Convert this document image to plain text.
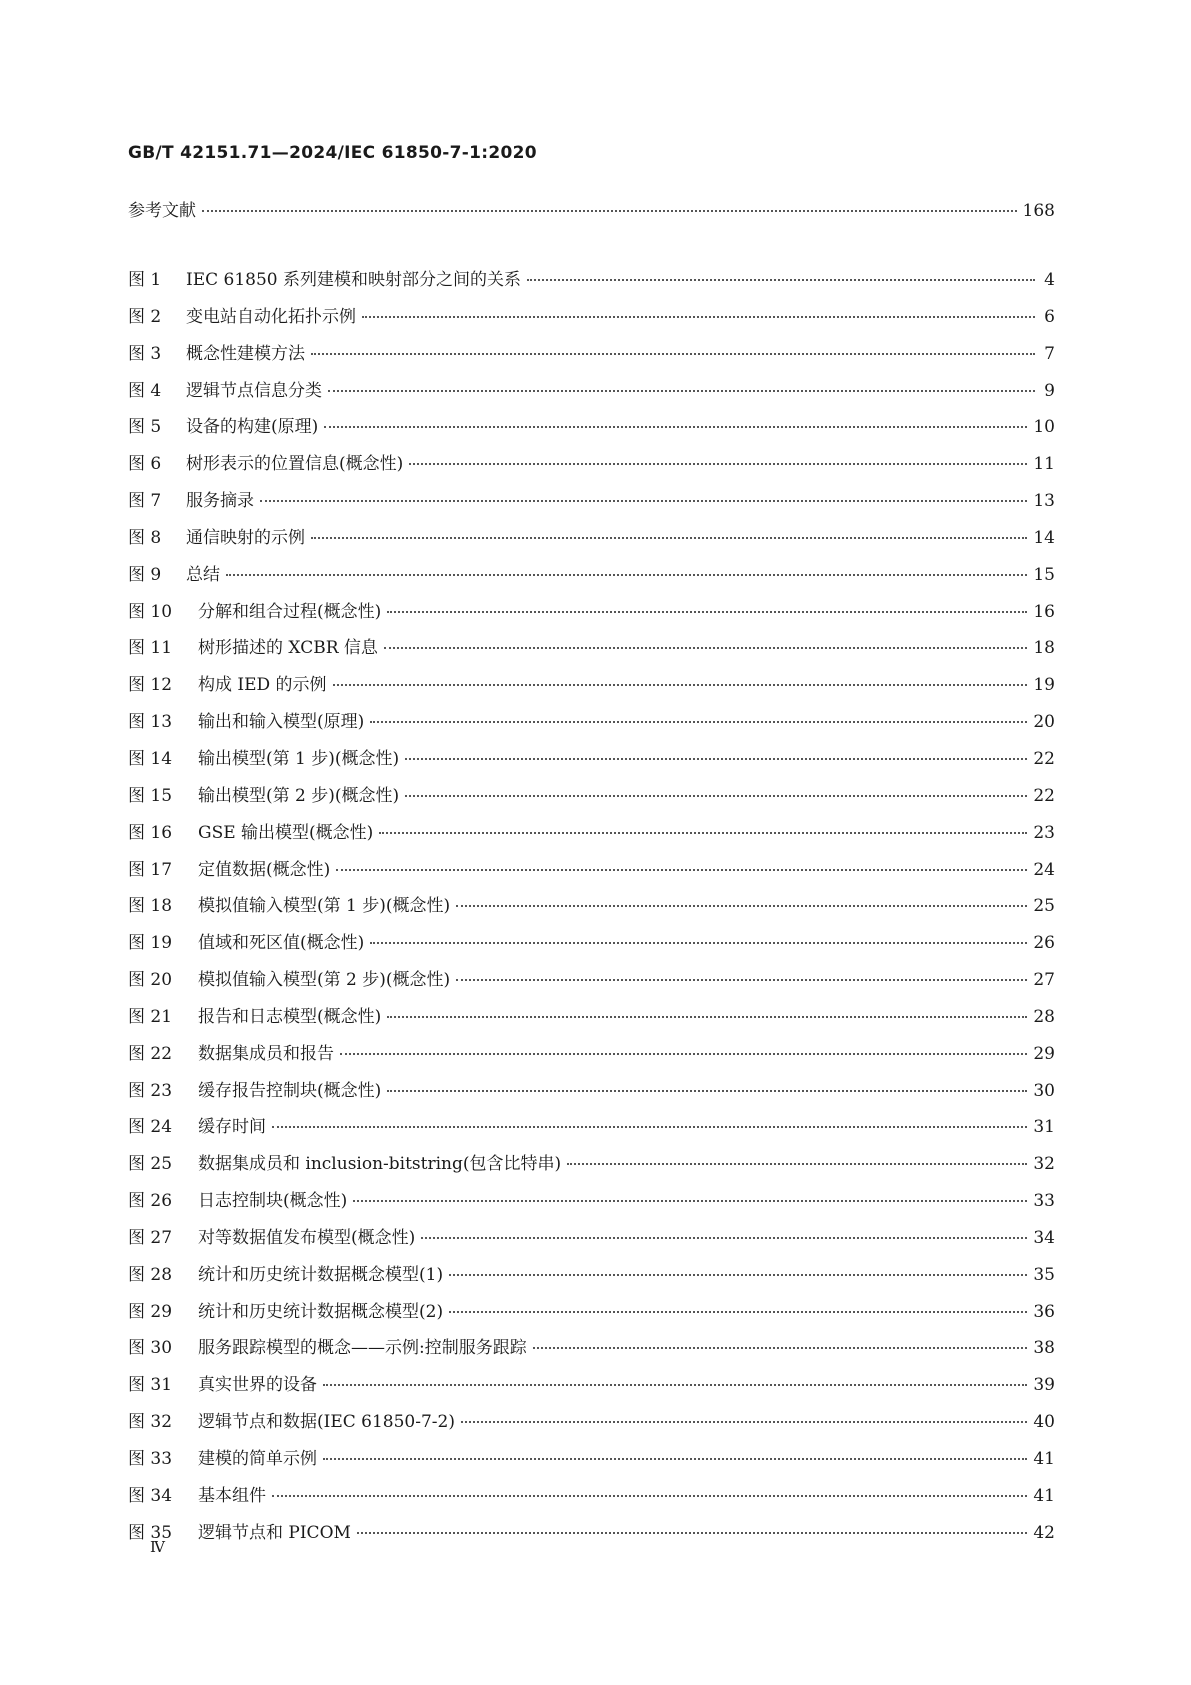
GB/T 42151.71—2024/IEC 61850-7-1:2020
参考文献	168
图 1	IEC 61850 系列建模和映射部分之间的关系	4
图 2	变电站自动化拓扑示例	6
图 3	概念性建模方法	7
图 4	逻辑节点信息分类	9
图 5	设备的构建(原理)	10
图 6	树形表示的位置信息(概念性)	11
图 7	服务摘录	13
图 8	通信映射的示例	14
图 9	总结	15
图 10	分解和组合过程(概念性)	16
图 11	树形描述的 XCBR 信息	18
图 12	构成 IED 的示例	19
图 13	输出和输入模型(原理)	20
图 14	输出模型(第 1 步)(概念性)	22
图 15	输出模型(第 2 步)(概念性)	22
图 16	GSE 输出模型(概念性)	23
图 17	定值数据(概念性)	24
图 18	模拟值输入模型(第 1 步)(概念性)	25
图 19	值域和死区值(概念性)	26
图 20	模拟值输入模型(第 2 步)(概念性)	27
图 21	报告和日志模型(概念性)	28
图 22	数据集成员和报告	29
图 23	缓存报告控制块(概念性)	30
图 24	缓存时间	31
图 25	数据集成员和 inclusion-bitstring(包含比特串)	32
图 26	日志控制块(概念性)	33
图 27	对等数据值发布模型(概念性)	34
图 28	统计和历史统计数据概念模型(1)	35
图 29	统计和历史统计数据概念模型(2)	36
图 30	服务跟踪模型的概念——示例:控制服务跟踪	38
图 31	真实世界的设备	39
图 32	逻辑节点和数据(IEC 61850-7-2)	40
图 33	建模的简单示例	41
图 34	基本组件	41
图 35	逻辑节点和 PICOM	42
Ⅳ
